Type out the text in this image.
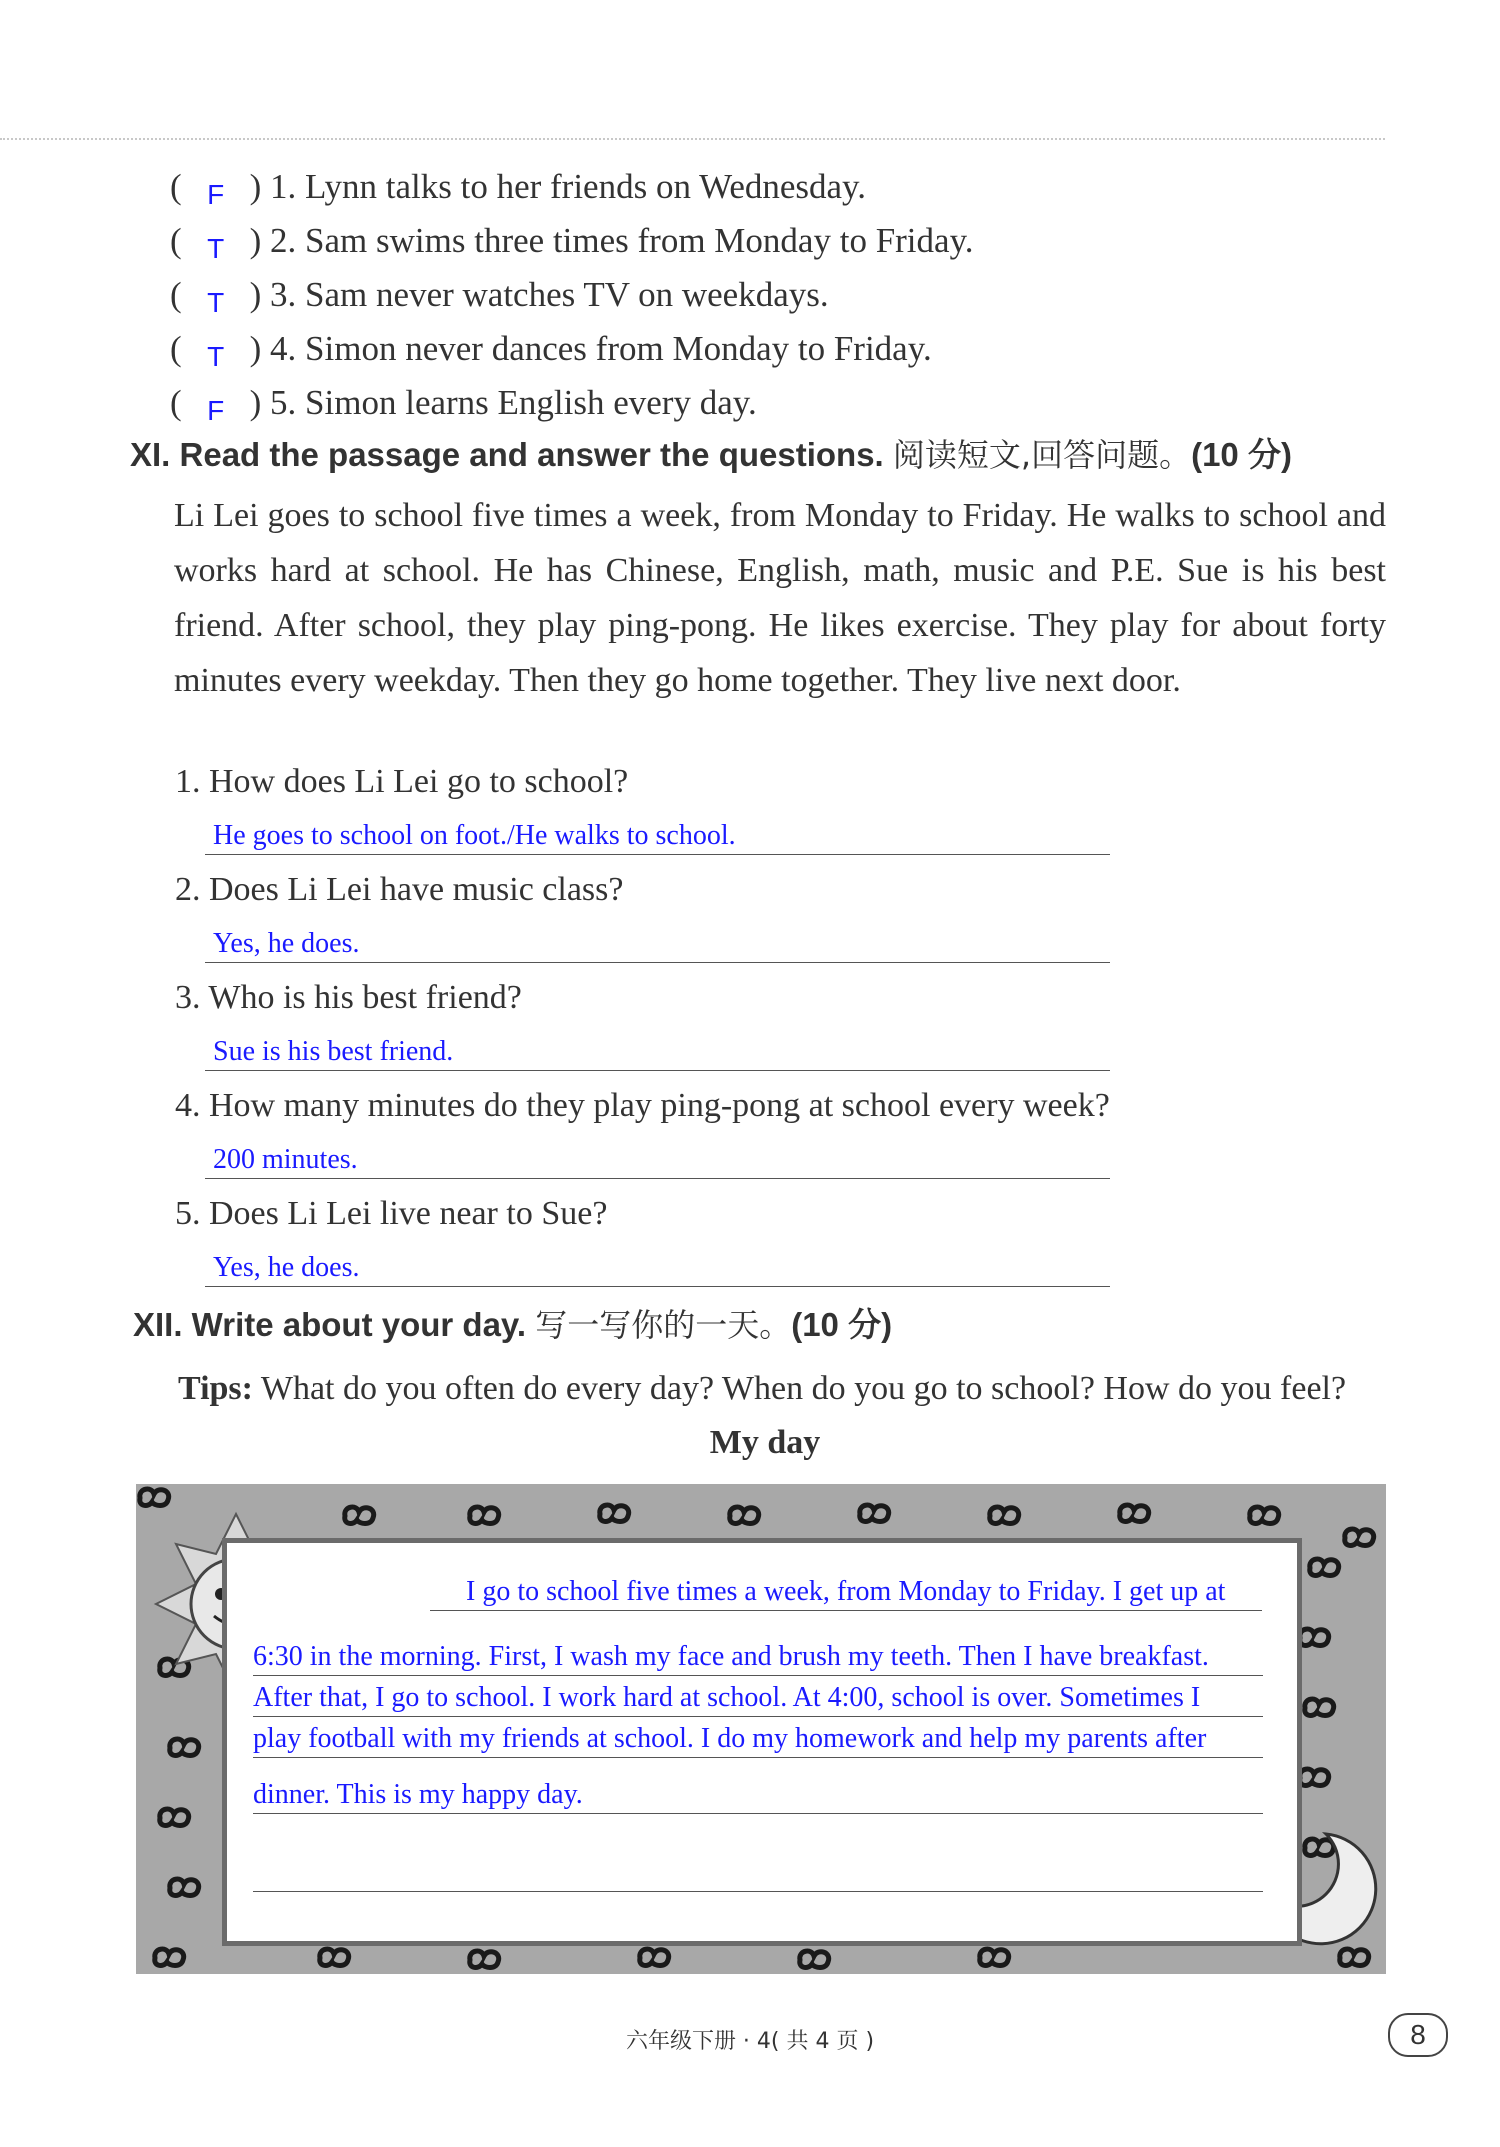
( F ) 1. Lynn talks to her friends on Wednesday.
( T ) 2. Sam swims three times from Monday to Friday.
( T ) 3. Sam never watches TV on weekdays.
( T ) 4. Simon never dances from Monday to Friday.
( F ) 5. Simon learns English every day.
XI. Read the passage and answer the questions. 阅读短文,回答问题。(10 分)
Li Lei goes to school five times a week, from Monday to Friday. He walks to school and works hard at school. He has Chinese, English, math, music and P.E. Sue is his best friend. After school, they play ping-pong. He likes exercise. They play for about forty minutes every weekday. Then they go home together. They live next door.
1. How does Li Lei go to school?
He goes to school on foot./He walks to school.
2. Does Li Lei have music class?
Yes, he does.
3. Who is his best friend?
Sue is his best friend.
4. How many minutes do they play ping-pong at school every week?
200 minutes.
5. Does Li Lei live near to Sue?
Yes, he does.
XII. Write about your day. 写一写你的一天。(10 分)
Tips: What do you often do every day? When do you go to school? How do you feel?
My day
I go to school five times a week, from Monday to Friday. I get up at
6:30 in the morning. First, I wash my face and brush my teeth. Then I have breakfast.
After that, I go to school. I work hard at school. At 4:00, school is over. Sometimes I
play football with my friends at school. I do my homework and help my parents after
dinner. This is my happy day.
六年级下册 · 4( 共 4 页 )	8
